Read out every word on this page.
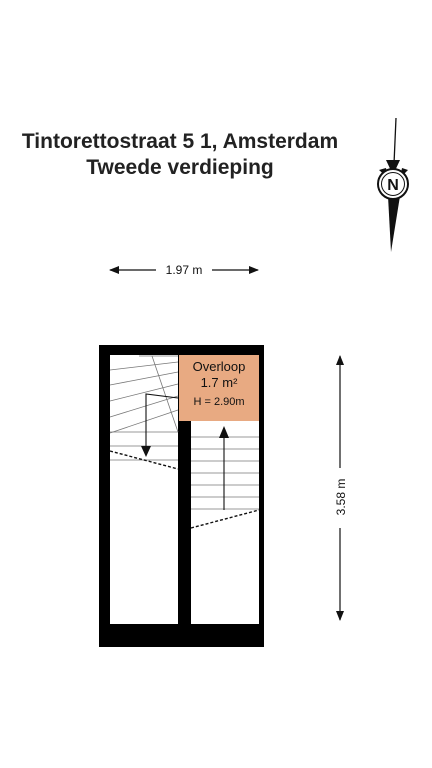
Tintorettostraat 5 1, Amsterdam
Tweede verdieping
N
1.97 m
3.58 m
Overloop
1.7 m²
H = 2.90m
